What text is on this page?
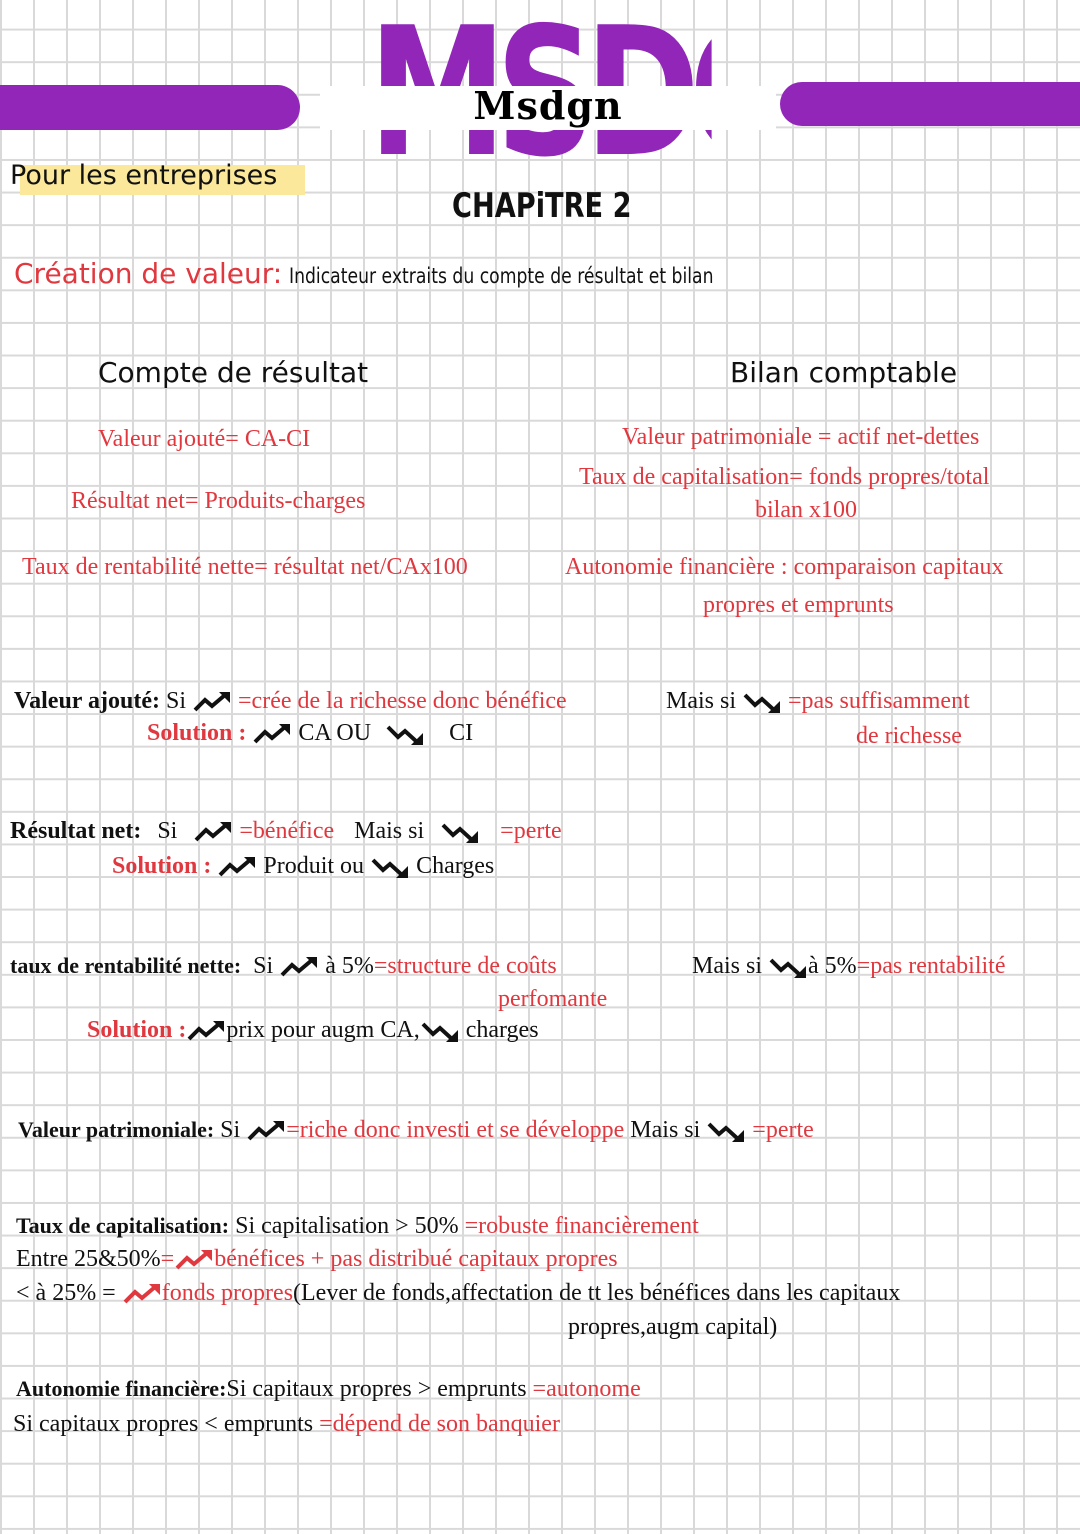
Msdgn
Pour les entreprises
CHAPiTRE 2
Création de valeur: Indicateur extraits du compte de résultat et bilan
Compte de résultat	Bilan comptable
Valeur ajouté= CA-CI
Résultat net= Produits-charges
Taux de rentabilité nette= résultat net/CAx100
Valeur patrimoniale = actif net-dettes
Taux de capitalisation= fonds propres/total
bilan x100
Autonomie financière : comparaison capitaux
propres et emprunts
Valeur ajouté: Si =crée de la richesse donc bénéfice	Mais si =pas suffisamment
de richesse
Solution : CA OU	CI
Résultat net: Si	=bénéfice Mais si	=perte
Solution : Produit ou Charges
taux de rentabilité nette: Si à 5%=structure de coûts	Mais si à 5%=pas rentabilité
perfomante
Solution : prix pour augm CA, charges
Valeur patrimoniale: Si =riche donc investi et se développe Mais si =perte
Taux de capitalisation: Si capitalisation > 50% =robuste financièrement
Entre 25&50%= bénéfices + pas distribué capitaux propres
< à 25% = fonds propres(Lever de fonds,affectation de tt les bénéfices dans les capitaux
propres,augm capital)
Autonomie financière:Si capitaux propres > emprunts =autonome
Si capitaux propres < emprunts =dépend de son banquier
